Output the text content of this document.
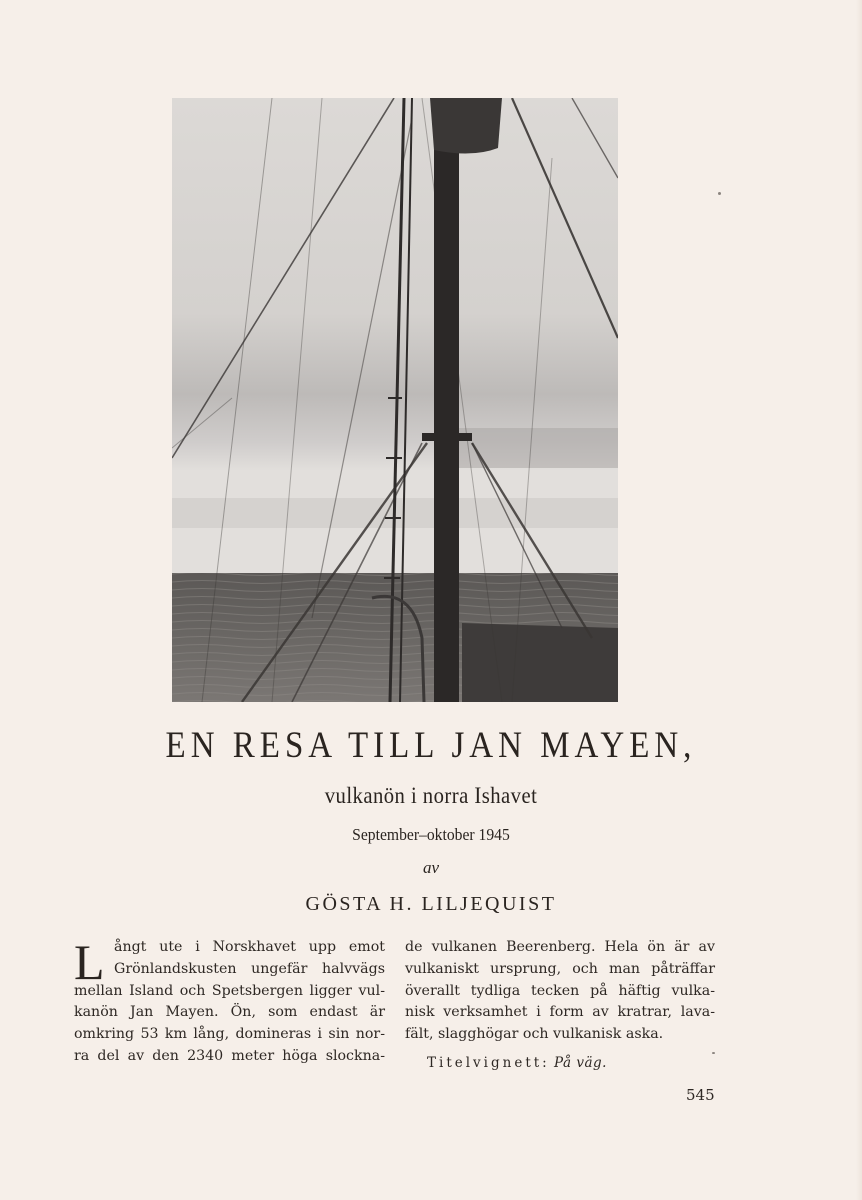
EN RESA TILL JAN MAYEN,
vulkanön i norra Ishavet
September–oktober 1945
av
GÖSTA H. LILJEQUIST
L ångt ute i Norskhavet upp emot
Grönlandskusten ungefär halvvägs
mellan Island och Spetsbergen ligger vul-
kanön Jan Mayen. Ön, som endast är
omkring 53 km lång, domineras i sin nor-
ra del av den 2340 meter höga slockna-
de vulkanen Beerenberg. Hela ön är av
vulkaniskt ursprung, och man påträffar
överallt tydliga tecken på häftig vulka-
nisk verksamhet i form av kratrar, lava-
fält, slagghögar och vulkanisk aska.
Titelvignett: På väg.
545
